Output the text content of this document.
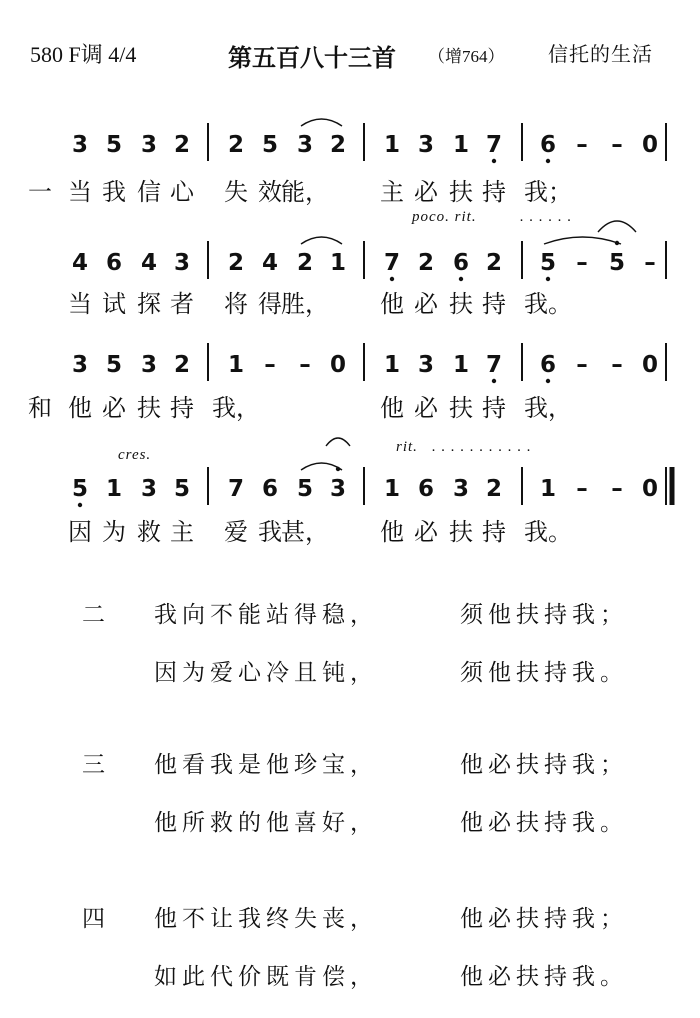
580 F调 4/4	第五百八十三首 （增764） 信托的生活
3 5 3 2 2 5 3 2 1 3 1 7 6 – – 0
一 当 我 信 心 失 效 能， 主 必 扶 持 我；
4 6 4 3 2 4 2 1 7 2 6 2 5 – 5 –
当 试 探 者 将 得 胜， 他 必 扶 持 我。
3 5 3 2 1 – – 0 1 3 1 7 6 – – 0
和 他 必 扶 持 我，	他 必 扶 持 我，
5 1 3 5 7 6 5 3 1 6 3 2 1 – – 0
因 为 救 主 爱 我 甚， 他 必 扶 持 我。
poco. rit.	. . . . . .
cres.	rit. . . . . . . . . . . .
二 我向不能站得稳，	须他扶持我；
因为爱心冷且钝，	须他扶持我。
三 他看我是他珍宝，	他必扶持我；
他所救的他喜好，	他必扶持我。
四 他不让我终失丧，	他必扶持我；
如此代价既肯偿，	他必扶持我。
